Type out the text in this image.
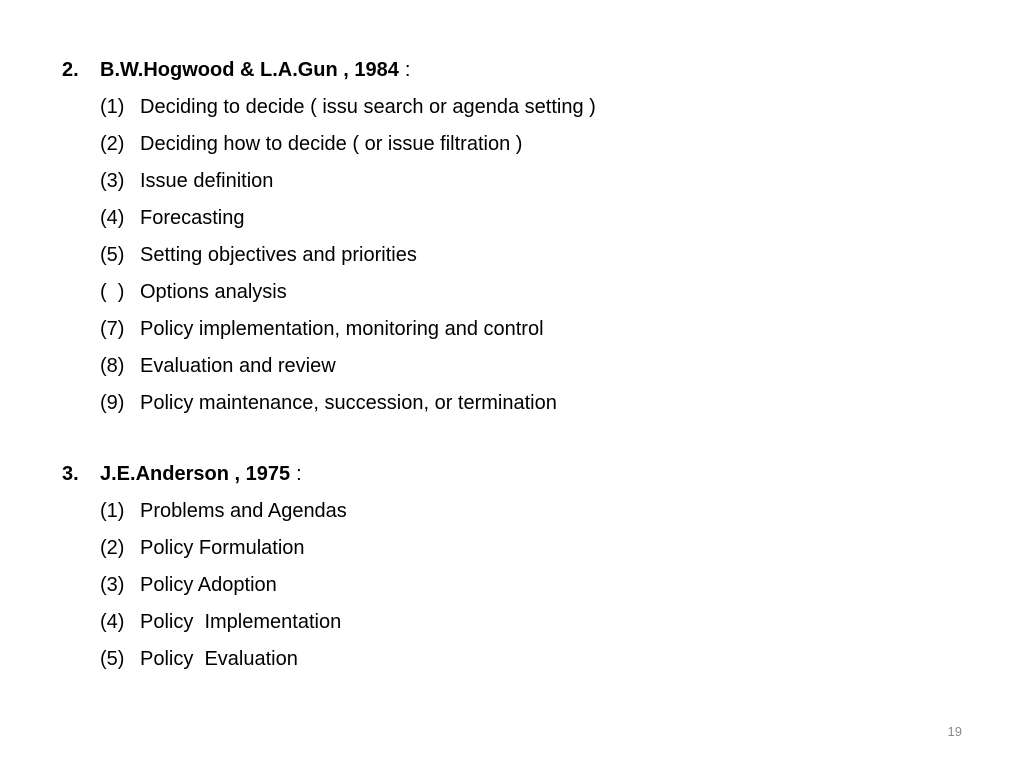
2.	B.W.Hogwood & L.A.Gun , 1984 :
(1) Deciding to decide ( issu search or agenda setting )
(2) Deciding how to decide ( or issue filtration )
(3) Issue definition
(4) Forecasting
(5) Setting objectives and priorities
(  ) Options analysis
(7) Policy implementation, monitoring and control
(8) Evaluation and review
(9) Policy maintenance, succession, or termination
3.	J.E.Anderson , 1975 :
(1) Problems and Agendas
(2) Policy Formulation
(3) Policy Adoption
(4) Policy  Implementation
(5) Policy  Evaluation
19
